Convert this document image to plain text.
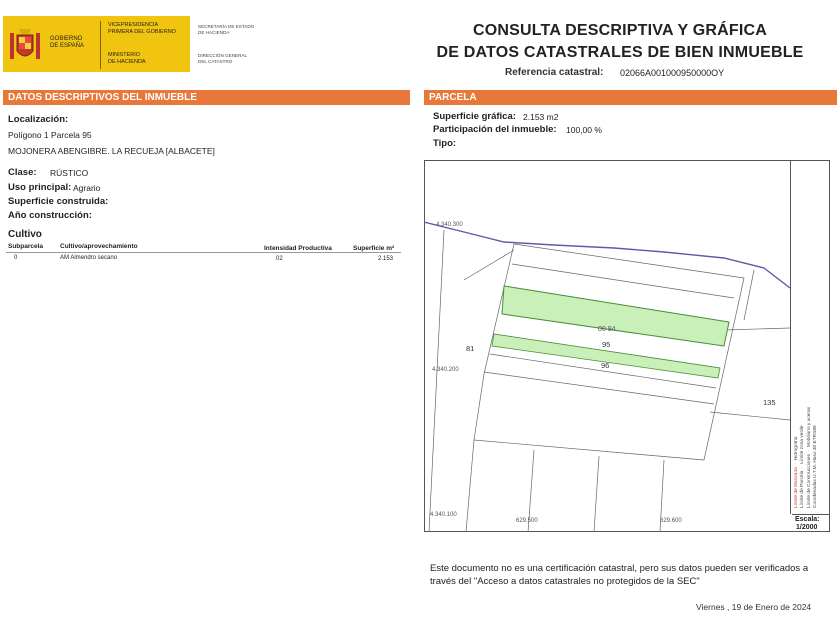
GOBIERNO
DE ESPAÑA
VICEPRESIDENCIA
PRIMERA DEL GOBIERNO
MINISTERIO
DE HACIENDA
SECRETARÍA DE ESTADO
DE HACIENDA
DIRECCIÓN GENERAL
DEL CATASTRO
CONSULTA DESCRIPTIVA Y GRÁFICA
DE DATOS CATASTRALES DE BIEN INMUEBLE
Referencia catastral: 02066A001000950000OY
DATOS DESCRIPTIVOS DEL INMUEBLE
Localización:
Polígono 1 Parcela 95
MOJONERA ABENGIBRE. LA RECUEJA [ALBACETE]
Clase: RÚSTICO
Uso principal: Agrario
Superficie construida:
Año construcción:
Cultivo
Subparcela	Cultivo/aprovechamiento	Intensidad Productiva	Superficie m²
0	AM Almendro secano	02	2.153
PARCELA
Superficie gráfica: 2.153 m2
Participación del inmueble: 100,00 %
Tipo:
4.340.300
4.340.200
4.340.100
629.500	629.600
00 94
95
96
81
135
Límite de Manzana  ·  Hidrografía
Límite de Parcela  ·  Límite zona verde
Límite de Construcciones  ·  Mobiliario y aceras Coordenadas U.T.M. Huso 30 ETRS89
Escala:
1/2000
Este documento no es una certificación catastral, pero sus datos pueden ser verificados a través del "Acceso a datos catastrales no protegidos de la SEC"
Viernes , 19 de Enero de 2024
